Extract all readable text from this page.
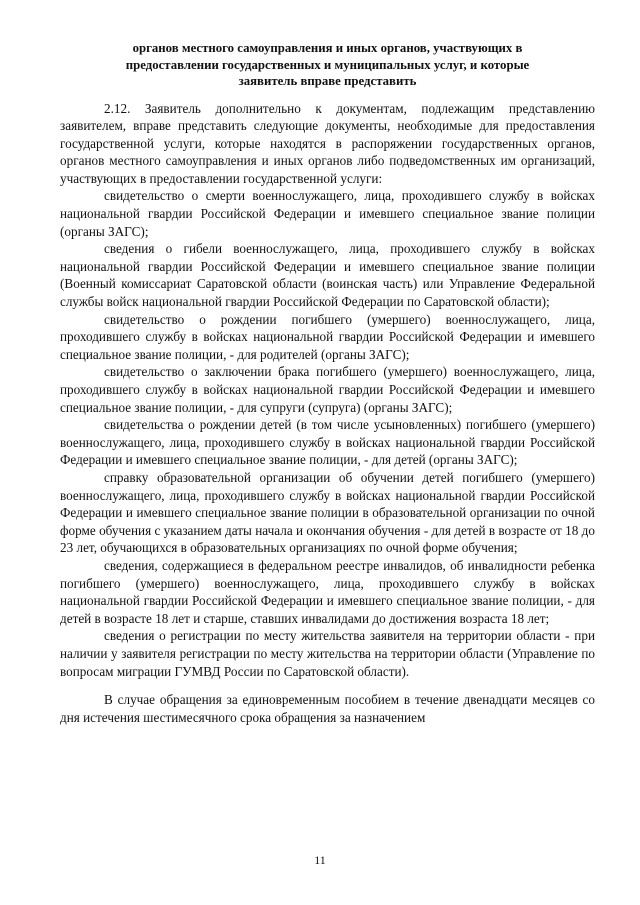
органов местного самоуправления и иных органов, участвующих в
предоставлении государственных и муниципальных услуг, и которые
заявитель вправе представить

2.12. Заявитель дополнительно к документам, подлежащим представлению заявителем, вправе представить следующие документы, необходимые для предоставления государственной услуги, которые находятся в распоряжении государственных органов, органов местного самоуправления и иных органов либо подведомственных им организаций, участвующих в предоставлении государственной услуги:

свидетельство о смерти военнослужащего, лица, проходившего службу в войсках национальной гвардии Российской Федерации и имевшего специальное звание полиции (органы ЗАГС);

сведения о гибели военнослужащего, лица, проходившего службу в войсках национальной гвардии Российской Федерации и имевшего специальное звание полиции (Военный комиссариат Саратовской области (воинская часть) или Управление Федеральной службы войск национальной гвардии Российской Федерации по Саратовской области);

свидетельство о рождении погибшего (умершего) военнослужащего, лица, проходившего службу в войсках национальной гвардии Российской Федерации и имевшего специальное звание полиции, - для родителей (органы ЗАГС);

свидетельство о заключении брака погибшего (умершего) военнослужащего, лица, проходившего службу в войсках национальной гвардии Российской Федерации и имевшего специальное звание полиции, - для супруги (супруга) (органы ЗАГС);

свидетельства о рождении детей (в том числе усыновленных) погибшего (умершего) военнослужащего, лица, проходившего службу в войсках национальной гвардии Российской Федерации и имевшего специальное звание полиции, - для детей (органы ЗАГС);

справку образовательной организации об обучении детей погибшего (умершего) военнослужащего, лица, проходившего службу в войсках национальной гвардии Российской Федерации и имевшего специальное звание полиции в образовательной организации по очной форме обучения с указанием даты начала и окончания обучения - для детей в возрасте от 18 до 23 лет, обучающихся в образовательных организациях по очной форме обучения;

сведения, содержащиеся в федеральном реестре инвалидов, об инвалидности ребенка погибшего (умершего) военнослужащего, лица, проходившего службу в войсках национальной гвардии Российской Федерации и имевшего специальное звание полиции, - для детей в возрасте 18 лет и старше, ставших инвалидами до достижения возраста 18 лет;

сведения о регистрации по месту жительства заявителя на территории области - при наличии у заявителя регистрации по месту жительства на территории области (Управление по вопросам миграции ГУМВД России по Саратовской области).

В случае обращения за единовременным пособием в течение двенадцати месяцев со дня истечения шестимесячного срока обращения за назначением

11
